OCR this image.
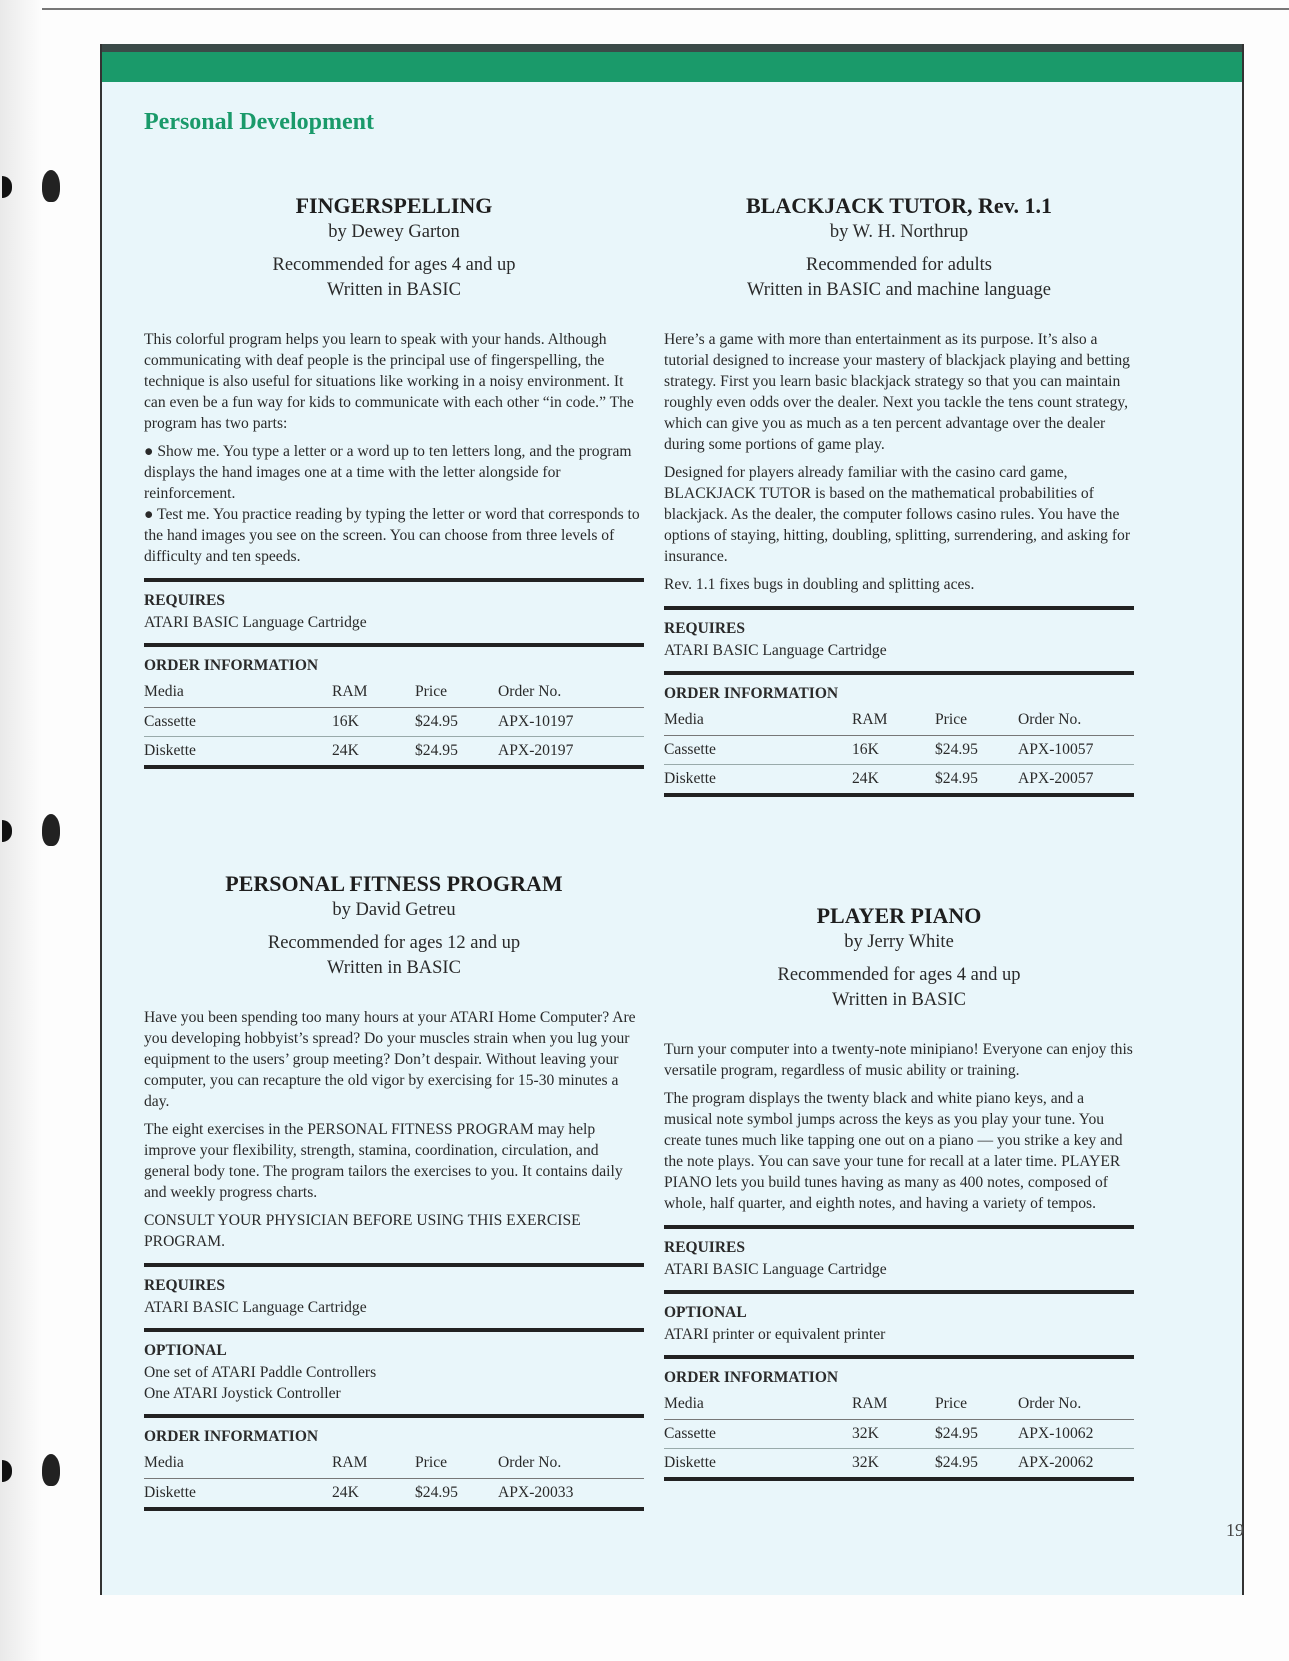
Personal Development

FINGERSPELLING

by Dewey Garton

Recommended for ages 4 and up

Written in BASIC

This colorful program helps you learn to speak with your hands. Although communicating with deaf people is the principal use of fingerspelling, the technique is also useful for situations like working in a noisy environment. It can even be a fun way for kids to communicate with each other “in code.” The program has two parts:

● Show me. You type a letter or a word up to ten letters long, and the program displays the hand images one at a time with the letter alongside for reinforcement.

● Test me. You practice reading by typing the letter or word that corresponds to the hand images you see on the screen. You can choose from three levels of difficulty and ten speeds.

REQUIRES

ATARI BASIC Language Cartridge

ORDER INFORMATION

Media	RAM	Price	Order No.
Cassette	16K	$24.95	APX-10197
Diskette	24K	$24.95	APX-20197

BLACKJACK TUTOR, Rev. 1.1

by W. H. Northrup

Recommended for adults

Written in BASIC and machine language

Here’s a game with more than entertainment as its purpose. It’s also a tutorial designed to increase your mastery of blackjack playing and betting strategy. First you learn basic blackjack strategy so that you can maintain roughly even odds over the dealer. Next you tackle the tens count strategy, which can give you as much as a ten percent advantage over the dealer during some portions of game play.

Designed for players already familiar with the casino card game, BLACKJACK TUTOR is based on the mathematical probabilities of blackjack. As the dealer, the computer follows casino rules. You have the options of staying, hitting, doubling, splitting, surrendering, and asking for insurance.

Rev. 1.1 fixes bugs in doubling and splitting aces.

REQUIRES

ATARI BASIC Language Cartridge

ORDER INFORMATION

Media	RAM	Price	Order No.
Cassette	16K	$24.95	APX-10057
Diskette	24K	$24.95	APX-20057

PERSONAL FITNESS PROGRAM

by David Getreu

Recommended for ages 12 and up

Written in BASIC

Have you been spending too many hours at your ATARI Home Computer? Are you developing hobbyist’s spread? Do your muscles strain when you lug your equipment to the users’ group meeting? Don’t despair. Without leaving your computer, you can recapture the old vigor by exercising for 15-30 minutes a day.

The eight exercises in the PERSONAL FITNESS PROGRAM may help improve your flexibility, strength, stamina, coordination, circulation, and general body tone. The program tailors the exercises to you. It contains daily and weekly progress charts.

CONSULT YOUR PHYSICIAN BEFORE USING THIS EXERCISE PROGRAM.

REQUIRES

ATARI BASIC Language Cartridge

OPTIONAL

One set of ATARI Paddle Controllers

One ATARI Joystick Controller

ORDER INFORMATION

Media	RAM	Price	Order No.
Diskette	24K	$24.95	APX-20033

PLAYER PIANO

by Jerry White

Recommended for ages 4 and up

Written in BASIC

Turn your computer into a twenty-note minipiano! Everyone can enjoy this versatile program, regardless of music ability or training.

The program displays the twenty black and white piano keys, and a musical note symbol jumps across the keys as you play your tune. You create tunes much like tapping one out on a piano — you strike a key and the note plays. You can save your tune for recall at a later time. PLAYER PIANO lets you build tunes having as many as 400 notes, composed of whole, half quarter, and eighth notes, and having a variety of tempos.

REQUIRES

ATARI BASIC Language Cartridge

OPTIONAL

ATARI printer or equivalent printer

ORDER INFORMATION

Media	RAM	Price	Order No.
Cassette	32K	$24.95	APX-10062
Diskette	32K	$24.95	APX-20062
19
